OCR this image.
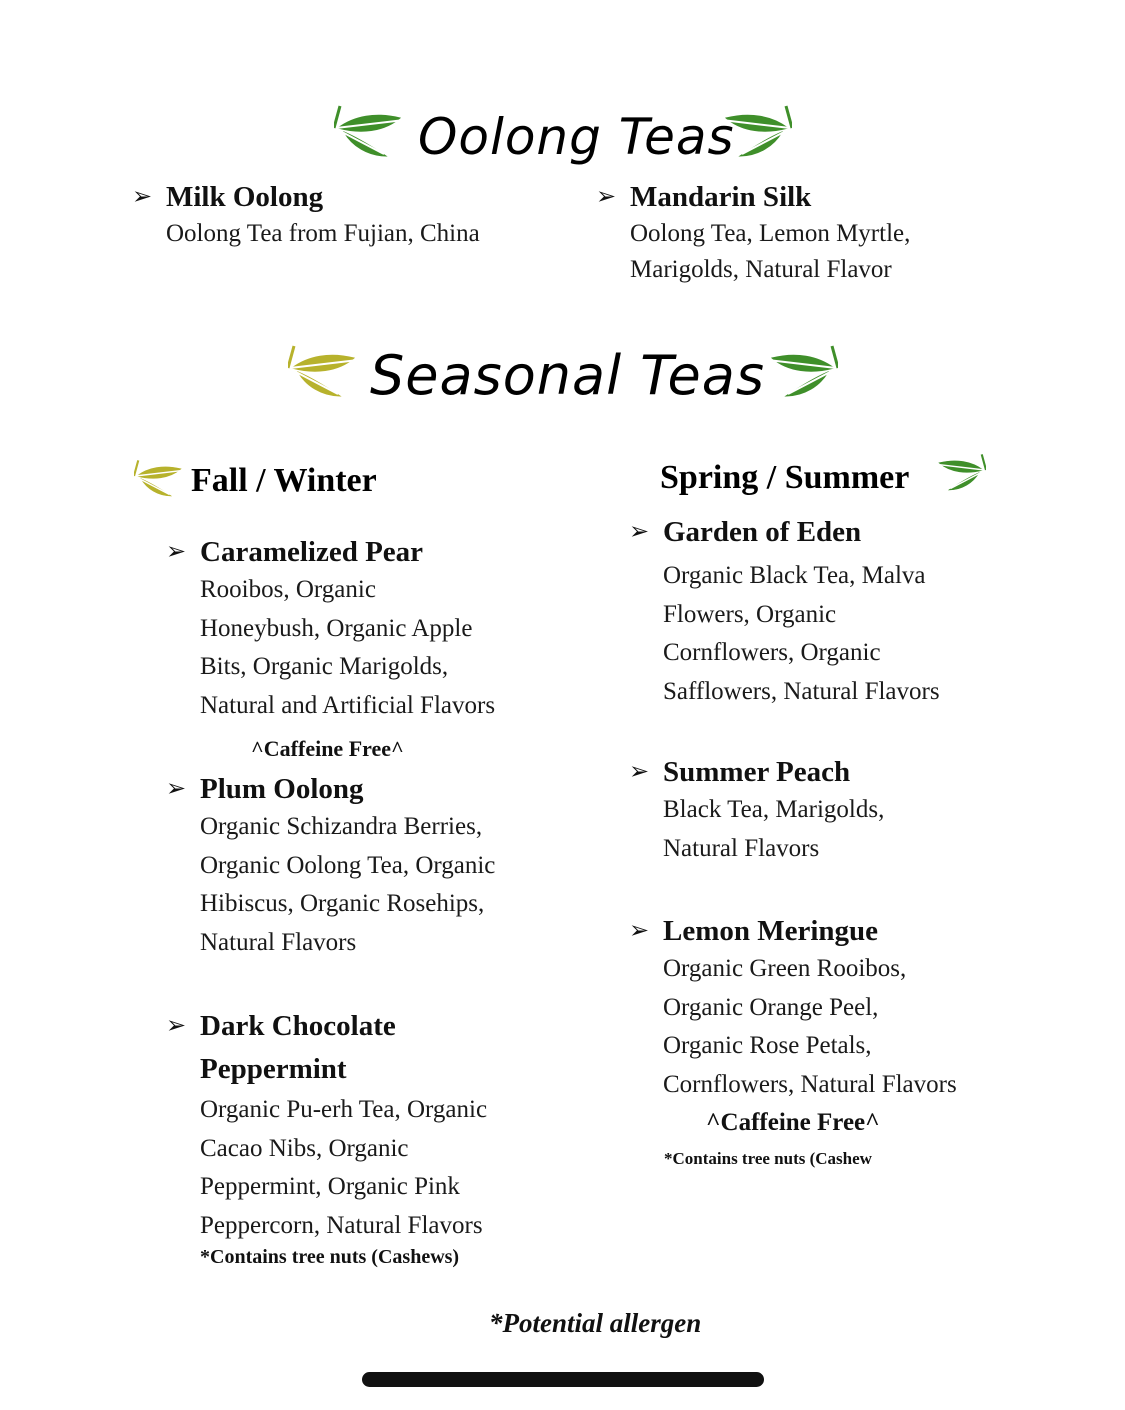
Oolong Teas
➢ Milk Oolong
Oolong Tea from Fujian, China
➢ Mandarin Silk
Oolong Tea, Lemon Myrtle,
Marigolds, Natural Flavor
Seasonal Teas
Fall / Winter
➢ Caramelized Pear
Rooibos, Organic
Honeybush, Organic Apple
Bits, Organic Marigolds,
Natural and Artificial Flavors
^Caffeine Free^
➢ Plum Oolong
Organic Schizandra Berries,
Organic Oolong Tea, Organic
Hibiscus, Organic Rosehips,
Natural Flavors
➢ Dark Chocolate
Peppermint
Organic Pu-erh Tea, Organic
Cacao Nibs, Organic
Peppermint, Organic Pink
Peppercorn, Natural Flavors
*Contains tree nuts (Cashews)
Spring / Summer
➢ Garden of Eden
Organic Black Tea, Malva
Flowers, Organic
Cornflowers, Organic
Safflowers, Natural Flavors
➢ Summer Peach
Black Tea, Marigolds,
Natural Flavors
➢ Lemon Meringue
Organic Green Rooibos,
Organic Orange Peel,
Organic Rose Petals,
Cornflowers, Natural Flavors
^Caffeine Free^
*Contains tree nuts (Cashew
*Potential allergen
